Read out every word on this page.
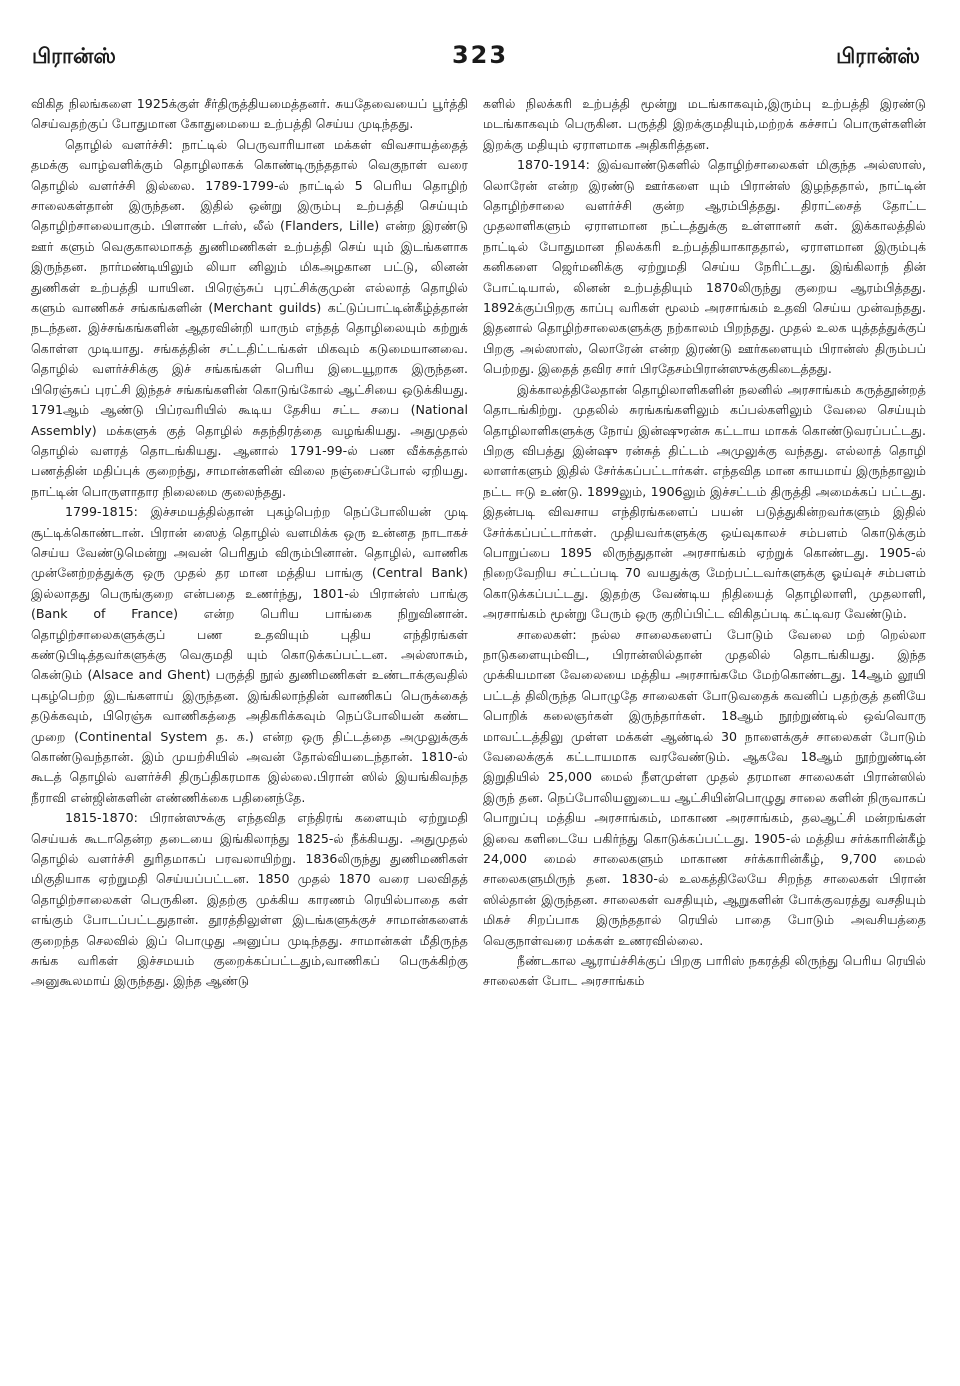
பிரான்ஸ்	323	பிரான்ஸ்

விகித நிலங்களை 1925க்குள் சீர்திருத்தியமைத்தனர். சுயதேவையைப் பூர்த்தி செய்வதற்குப் போதுமான கோதுமையை உற்பத்தி செய்ய முடிந்தது.

தொழில் வளர்ச்சி: நாட்டில் பெருவாரியான மக்கள் விவசாயத்தைத் தமக்கு வாழ்வளிக்கும் தொழிலாகக் கொண்டிருந்ததால் வெகுநாள் வரை தொழில் வளர்ச்சி இல்லை. 1789-1799-ல் நாட்டில் 5 பெரிய தொழிற் சாலைகள்தான் இருந்தன. இதில் ஒன்று இரும்பு உற்பத்தி செய்யும் தொழிற்சாலையாகும். பிளாண் டர்ஸ், லீல் (Flanders, Lille) என்ற இரண்டு ஊர் களும் வெகுகாலமாகத் துணிமணிகள் உற்பத்தி செய் யும் இடங்களாக இருந்தன. நார்மண்டியிலும் லியா னிலும் மிகஅழகான பட்டு, லினன் துணிகள் உற்பத்தி யாயின. பிரெஞ்சுப் புரட்சிக்குமுன் எல்லாத் தொழில் களும் வாணிகச் சங்கங்களின் (Merchant guilds) கட்டுப்பாட்டின்கீழ்த்தான் நடந்தன. இச்சங்கங்களின் ஆதரவின்றி யாரும் எந்தத் தொழிலையும் கற்றுக் கொள்ள முடியாது. சங்கத்தின் சட்டதிட்டங்கள் மிகவும் கடுமையானவை. தொழில் வளர்ச்சிக்கு இச் சங்கங்கள் பெரிய இடையூறாக இருந்தன. பிரெஞ்சுப் புரட்சி இந்தச் சங்கங்களின் கொடுங்கோல் ஆட்சியை ஒடுக்கியது. 1791ஆம் ஆண்டு பிப்ரவரியில் கூடிய தேசிய சட்ட சபை (National Assembly) மக்களுக் குத் தொழில் சுதந்திரத்தை வழங்கியது. அதுமுதல் தொழில் வளரத் தொடங்கியது. ஆனால் 1791-99-ல் பண வீக்கத்தால் பணத்தின் மதிப்புக் குறைந்து, சாமான்களின் விலை நஞ்சைப்போல் ஏறியது. நாட்டின் பொருளாதார நிலைமை குலைந்தது.

1799-1815: இச்சமயத்தில்தான் புகழ்பெற்ற நெப்போலியன் முடி சூட்டிக்கொண்டான். பிரான் ஸைத் தொழில் வளமிக்க ஒரு உன்னத நாடாகச் செய்ய வேண்டுமென்று அவன் பெரிதும் விரும்பினான். தொழில், வாணிக முன்னேற்றத்துக்கு ஒரு முதல் தர மான மத்திய பாங்கு (Central Bank) இல்லாதது பெருங்குறை என்பதை உணர்ந்து, 1801-ல் பிரான்ஸ் பாங்கு (Bank of France) என்ற பெரிய பாங்கை நிறுவினான். தொழிற்சாலைகளுக்குப் பண உதவியும் புதிய எந்திரங்கள் கண்டுபிடித்தவர்களுக்கு வெகுமதி யும் கொடுக்கப்பட்டன. அல்ஸாசும், கென்டும் (Alsace and Ghent) பருத்தி நூல் துணிமணிகள் உண்டாக்குவதில் புகழ்பெற்ற இடங்களாய் இருந்தன. இங்கிலாந்தின் வாணிகப் பெருக்கைத் தடுக்கவும், பிரெஞ்சு வாணிகத்தை அதிகரிக்கவும் நெப்போலியன் கண்ட முறை (Continental System த. க.) என்ற ஒரு திட்டத்தை அமுலுக்குக் கொண்டுவந்தான். இம் முயற்சியில் அவன் தோல்வியடைந்தான். 1810-ல் கூடத் தொழில் வளர்ச்சி திருப்திகரமாக இல்லை.பிரான் ஸில் இயங்கிவந்த நீராவி என்ஜின்களின் எண்ணிக்கை பதினைந்தே.

1815-1870: பிரான்ஸுக்கு எந்தவித எந்திரங் களையும் ஏற்றுமதி செய்யக் கூடாதென்ற தடையை இங்கிலாந்து 1825-ல் நீக்கியது. அதுமுதல் தொழில் வளர்ச்சி துரிதமாகப் பரவலாயிற்று. 1836லிருந்து துணிமணிகள் மிகுதியாக ஏற்றுமதி செய்யப்பட்டன. 1850 முதல் 1870 வரை பலவிதத் தொழிற்சாலைகள் பெருகின. இதற்கு முக்கிய காரணம் ரெயில்பாதை கள் எங்கும் போடப்பட்டதுதான். தூரத்திலுள்ள இடங்களுக்குச் சாமான்களைக் குறைந்த செலவில் இப் பொழுது அனுப்ப முடிந்தது. சாமான்கள் மீதிருந்த சுங்க வரிகள் இச்சமயம் குறைக்கப்பட்டதும்,வாணிகப் பெருக்கிற்கு அனுகூலமாய் இருந்தது. இந்த ஆண்டு

களில் நிலக்கரி உற்பத்தி மூன்று மடங்காகவும்,இரும்பு உற்பத்தி இரண்டு மடங்காகவும் பெருகின. பருத்தி இறக்குமதியும்,மற்றக் கச்சாப் பொருள்களின் இறக்கு மதியும் ஏராளமாக அதிகரித்தன.

1870-1914: இவ்வாண்டுகளில் தொழிற்சாலைகள் மிகுந்த அல்ஸாஸ், லொரேன் என்ற இரண்டு ஊர்களை யும் பிரான்ஸ் இழந்ததால், நாட்டின் தொழிற்சாலை வளர்ச்சி குன்ற ஆரம்பித்தது. திராட்சைத் தோட்ட முதலாளிகளும் ஏராளமான நட்டத்துக்கு உள்ளானர் கள். இக்காலத்தில் நாட்டில் போதுமான நிலக்கரி உற்பத்தியாகாததால், ஏராளமான இரும்புக் கனிகளை ஜெர்மனிக்கு ஏற்றுமதி செய்ய நேரிட்டது. இங்கிலாந் தின் போட்டியால், லினன் உற்பத்தியும் 1870லிருந்து குறைய ஆரம்பித்தது. 1892க்குப்பிறகு காப்பு வரிகள் மூலம் அரசாங்கம் உதவி செய்ய முன்வந்தது. இதனால் தொழிற்சாலைகளுக்கு நற்காலம் பிறந்தது. முதல் உலக யுத்தத்துக்குப் பிறகு அல்ஸாஸ், லொரேன் என்ற இரண்டு ஊர்களையும் பிரான்ஸ் திரும்பப் பெற்றது. இதைத் தவிர சார் பிரதேசம்பிரான்ஸுக்குகிடைத்தது.

இக்காலத்திலேதான் தொழிலாளிகளின் நலனில் அரசாங்கம் கருத்தூன்றத் தொடங்கிற்று. முதலில் சுரங்கங்களிலும் கப்பல்களிலும் வேலை செய்யும் தொழிலாளிகளுக்கு நோய் இன்ஷுரன்சு கட்டாய மாகக் கொண்டுவரப்பட்டது. பிறகு விபத்து இன்ஷு ரன்சுத் திட்டம் அமுலுக்கு வந்தது. எல்லாத் தொழி லாளர்களும் இதில் சேர்க்கப்பட்டார்கள். எந்தவித மான காயமாய் இருந்தாலும் நட்ட ஈடு உண்டு. 1899லும், 1906லும் இச்சட்டம் திருத்தி அமைக்கப் பட்டது. இதன்படி விவசாய எந்திரங்களைப் பயன் படுத்துகின்றவர்களும் இதில் சேர்க்கப்பட்டார்கள். முதியவர்களுக்கு ஒய்வுகாலச் சம்பளம் கொடுக்கும் பொறுப்பை 1895 லிருந்துதான் அரசாங்கம் ஏற்றுக் கொண்டது. 1905-ல் நிறைவேறிய சட்டப்படி 70 வயதுக்கு மேற்பட்டவர்களுக்கு ஓய்வுச் சம்பளம் கொடுக்கப்பட்டது. இதற்கு வேண்டிய நிதியைத் தொழிலாளி, முதலாளி, அரசாங்கம் மூன்று பேரும் ஒரு குறிப்பிட்ட விகிதப்படி கட்டிவர வேண்டும்.

சாலைகள்: நல்ல சாலைகளைப் போடும் வேலை மற் றெல்லா நாடுகளையும்விட, பிரான்ஸில்தான் முதலில் தொடங்கியது. இந்த முக்கியமான வேலையை மத்திய அரசாங்கமே மேற்கொண்டது. 14ஆம் லூயி பட்டத் திலிருந்த பொழுதே சாலைகள் போடுவதைக் கவனிப் பதற்குத் தனியே பொறிக் கலைஞர்கள் இருந்தார்கள். 18ஆம் நூற்றுண்டில் ஒவ்வொரு மாவட்டத்திலு முள்ள மக்கள் ஆண்டில் 30 நாளைக்குச் சாலைகள் போடும் வேலைக்குக் கட்டாயமாக வரவேண்டும். ஆகவே 18ஆம் நூற்றுண்டின் இறுதியில் 25,000 மைல் நீளமுள்ள முதல் தரமான சாலைகள் பிரான்ஸில் இருந் தன. நெப்போலியனுடைய ஆட்சியின்பொழுது சாலை களின் நிருவாகப் பொறுப்பு மத்திய அரசாங்கம், மாகாண அரசாங்கம், தலஆட்சி மன்றங்கள் இவை களிடையே பகிர்ந்து கொடுக்கப்பட்டது. 1905-ல் மத்திய சர்க்காரின்கீழ் 24,000 மைல் சாலைகளும் மாகாண சர்க்காரின்கீழ், 9,700 மைல் சாலைகளுமிருந் தன. 1830-ல் உலகத்திலேயே சிறந்த சாலைகள் பிரான் ஸில்தான் இருந்தன. சாலைகள் வசதியும், ஆறுகளின் போக்குவரத்து வசதியும் மிகச் சிறப்பாக இருந்ததால் ரெயில் பாதை போடும் அவசியத்தை வெகுநாள்வரை மக்கள் உணரவில்லை.

நீண்டகால ஆராய்ச்சிக்குப் பிறகு பாரிஸ் நகரத்தி லிருந்து பெரிய ரெயில் சாலைகள் போட அரசாங்கம்
